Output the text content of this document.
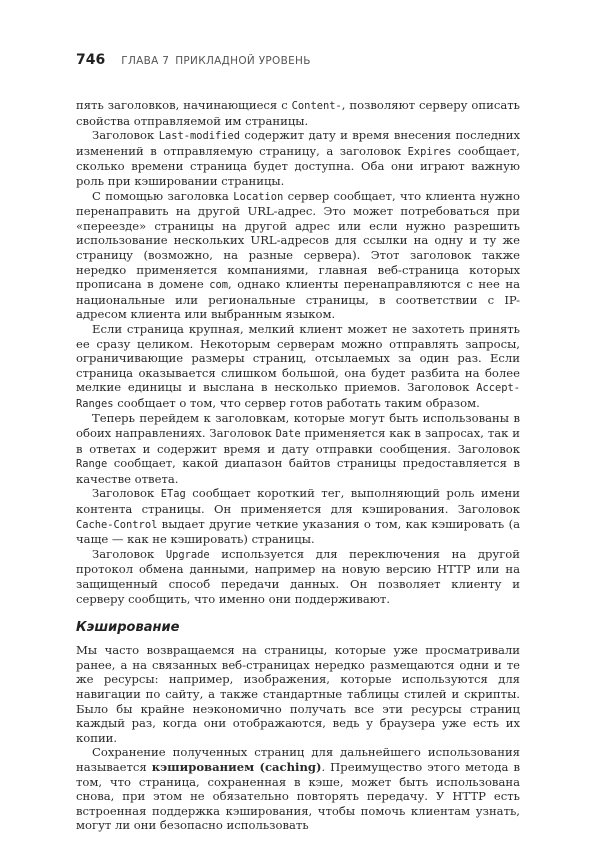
746 ГЛАВА 7 ПРИКЛАДНОЙ УРОВЕНЬ

пять заголовков, начинающиеся с Content-, позволяют серверу описать свойства отправляемой им страницы.

Заголовок Last-modified содержит дату и время внесения последних изменений в отправляемую страницу, а заголовок Expires сообщает, сколько времени страница будет доступна. Оба они играют важную роль при кэшировании страницы.

С помощью заголовка Location сервер сообщает, что клиента нужно перенаправить на другой URL-адрес. Это может потребоваться при «переезде» страницы на другой адрес или если нужно разрешить использование нескольких URL-адресов для ссылки на одну и ту же страницу (возможно, на разные сервера). Этот заголовок также нередко применяется компаниями, главная веб-страница которых прописана в домене com, однако клиенты перенаправляются с нее на национальные или региональные страницы, в соответствии с IP-адресом клиента или выбранным языком.

Если страница крупная, мелкий клиент может не захотеть принять ее сразу целиком. Некоторым серверам можно отправлять запросы, ограничивающие размеры страниц, отсылаемых за один раз. Если страница оказывается слишком большой, она будет разбита на более мелкие единицы и выслана в несколько приемов. Заголовок Accept-Ranges сообщает о том, что сервер готов работать таким образом.

Теперь перейдем к заголовкам, которые могут быть использованы в обоих направлениях. Заголовок Date применяется как в запросах, так и в ответах и содержит время и дату отправки сообщения. Заголовок Range сообщает, какой диапазон байтов страницы предоставляется в качестве ответа.

Заголовок ETag сообщает короткий тег, выполняющий роль имени контента страницы. Он применяется для кэширования. Заголовок Cache-Control выдает другие четкие указания о том, как кэшировать (а чаще — как не кэшировать) страницы.

Заголовок Upgrade используется для переключения на другой протокол обмена данными, например на новую версию HTTP или на защищенный способ передачи данных. Он позволяет клиенту и серверу сообщить, что именно они поддерживают.

Кэширование

Мы часто возвращаемся на страницы, которые уже просматривали ранее, а на связанных веб-страницах нередко размещаются одни и те же ресурсы: например, изображения, которые используются для навигации по сайту, а также стандартные таблицы стилей и скрипты. Было бы крайне неэкономично получать все эти ресурсы страниц каждый раз, когда они отображаются, ведь у браузера уже есть их копии.

Сохранение полученных страниц для дальнейшего использования называется кэшированием (caching). Преимущество этого метода в том, что страница, сохраненная в кэше, может быть использована снова, при этом не обязательно повторять передачу. У HTTP есть встроенная поддержка кэширования, чтобы помочь клиентам узнать, могут ли они безопасно использовать
